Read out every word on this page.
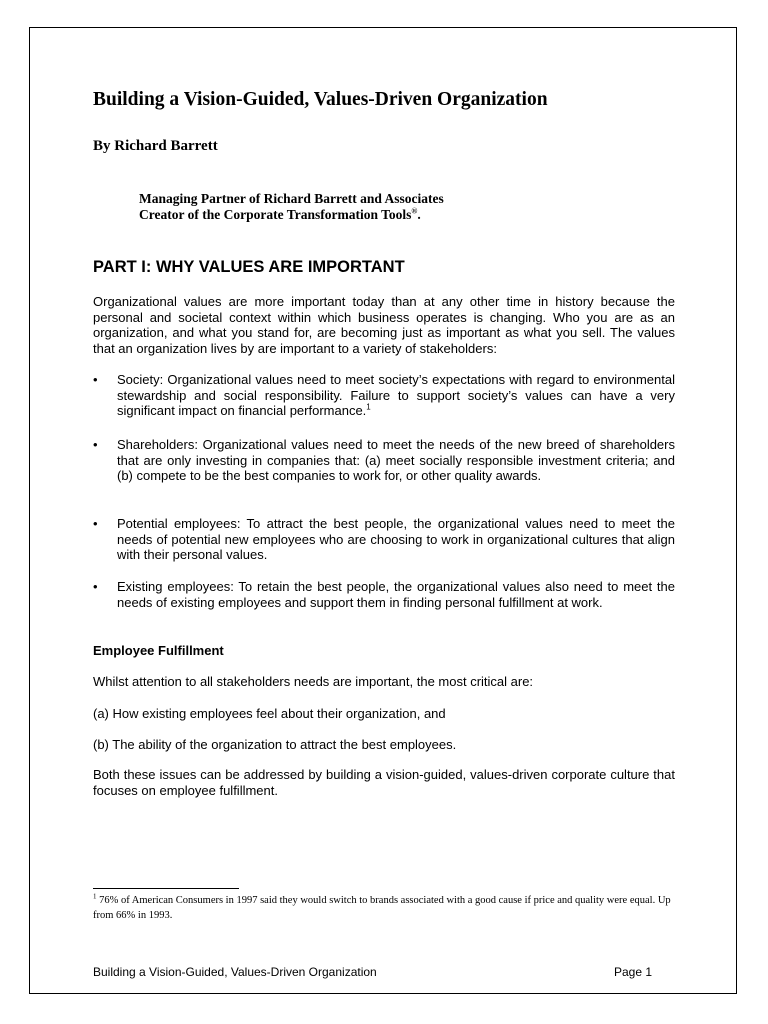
Building a Vision-Guided, Values-Driven Organization
By Richard Barrett
Managing Partner of Richard Barrett and Associates
Creator of the Corporate Transformation Tools®.
PART I: WHY VALUES ARE IMPORTANT

Organizational values are more important today than at any other time in history because the personal and societal context within which business operates is changing. Who you are as an organization, and what you stand for, are becoming just as important as what you sell. The values that an organization lives by are important to a variety of stakeholders:

• Society: Organizational values need to meet society’s expectations with regard to environmental stewardship and social responsibility. Failure to support society’s values can have a very significant impact on financial performance.$^1$

• Shareholders: Organizational values need to meet the needs of the new breed of shareholders that are only investing in companies that: (a) meet socially responsible investment criteria; and (b) compete to be the best companies to work for, or other quality awards.

• Potential employees: To attract the best people, the organizational values need to meet the needs of potential new employees who are choosing to work in organizational cultures that align with their personal values.

• Existing employees: To retain the best people, the organizational values also need to meet the needs of existing employees and support them in finding personal fulfillment at work.

Employee Fulfillment

Whilst attention to all stakeholders needs are important, the most critical are:

(a) How existing employees feel about their organization, and

(b) The ability of the organization to attract the best employees.

Both these issues can be addressed by building a vision-guided, values-driven corporate culture that focuses on employee fulfillment.

$^1$ 76% of American Consumers in 1997 said they would switch to brands associated with a good cause if price and quality were equal. Up from 66% in 1993.

Building a Vision-Guided, Values-Driven Organization	Page 1
